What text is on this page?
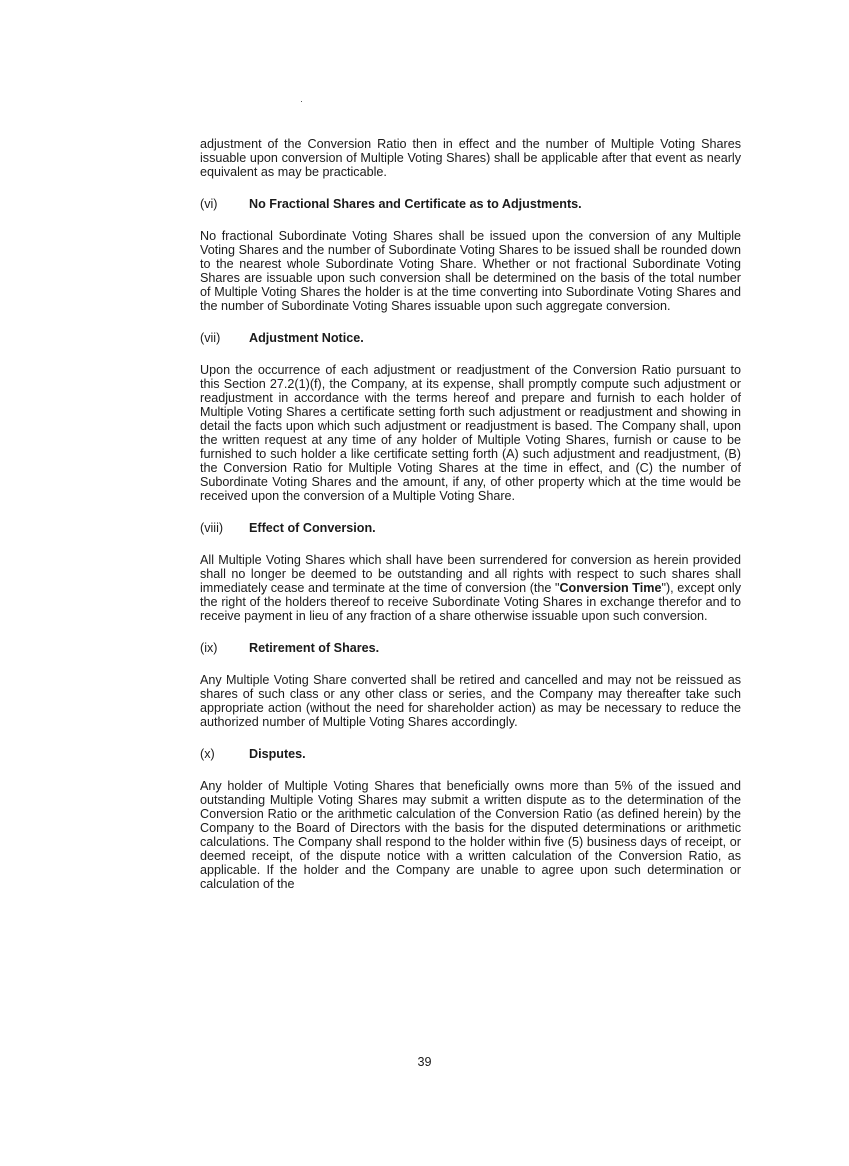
adjustment of the Conversion Ratio then in effect and the number of Multiple Voting Shares issuable upon conversion of Multiple Voting Shares) shall be applicable after that event as nearly equivalent as may be practicable.

(vi)	No Fractional Shares and Certificate as to Adjustments.

No fractional Subordinate Voting Shares shall be issued upon the conversion of any Multiple Voting Shares and the number of Subordinate Voting Shares to be issued shall be rounded down to the nearest whole Subordinate Voting Share. Whether or not fractional Subordinate Voting Shares are issuable upon such conversion shall be determined on the basis of the total number of Multiple Voting Shares the holder is at the time converting into Subordinate Voting Shares and the number of Subordinate Voting Shares issuable upon such aggregate conversion.

(vii)	Adjustment Notice.

Upon the occurrence of each adjustment or readjustment of the Conversion Ratio pursuant to this Section 27.2(1)(f), the Company, at its expense, shall promptly compute such adjustment or readjustment in accordance with the terms hereof and prepare and furnish to each holder of Multiple Voting Shares a certificate setting forth such adjustment or readjustment and showing in detail the facts upon which such adjustment or readjustment is based. The Company shall, upon the written request at any time of any holder of Multiple Voting Shares, furnish or cause to be furnished to such holder a like certificate setting forth (A) such adjustment and readjustment, (B) the Conversion Ratio for Multiple Voting Shares at the time in effect, and (C) the number of Subordinate Voting Shares and the amount, if any, of other property which at the time would be received upon the conversion of a Multiple Voting Share.

(viii)	Effect of Conversion.

All Multiple Voting Shares which shall have been surrendered for conversion as herein provided shall no longer be deemed to be outstanding and all rights with respect to such shares shall immediately cease and terminate at the time of conversion (the "Conversion Time"), except only the right of the holders thereof to receive Subordinate Voting Shares in exchange therefor and to receive payment in lieu of any fraction of a share otherwise issuable upon such conversion.

(ix)	Retirement of Shares.

Any Multiple Voting Share converted shall be retired and cancelled and may not be reissued as shares of such class or any other class or series, and the Company may thereafter take such appropriate action (without the need for shareholder action) as may be necessary to reduce the authorized number of Multiple Voting Shares accordingly.

(x)	Disputes.

Any holder of Multiple Voting Shares that beneficially owns more than 5% of the issued and outstanding Multiple Voting Shares may submit a written dispute as to the determination of the Conversion Ratio or the arithmetic calculation of the Conversion Ratio (as defined herein) by the Company to the Board of Directors with the basis for the disputed determinations or arithmetic calculations. The Company shall respond to the holder within five (5) business days of receipt, or deemed receipt, of the dispute notice with a written calculation of the Conversion Ratio, as applicable. If the holder and the Company are unable to agree upon such determination or calculation of the

39
